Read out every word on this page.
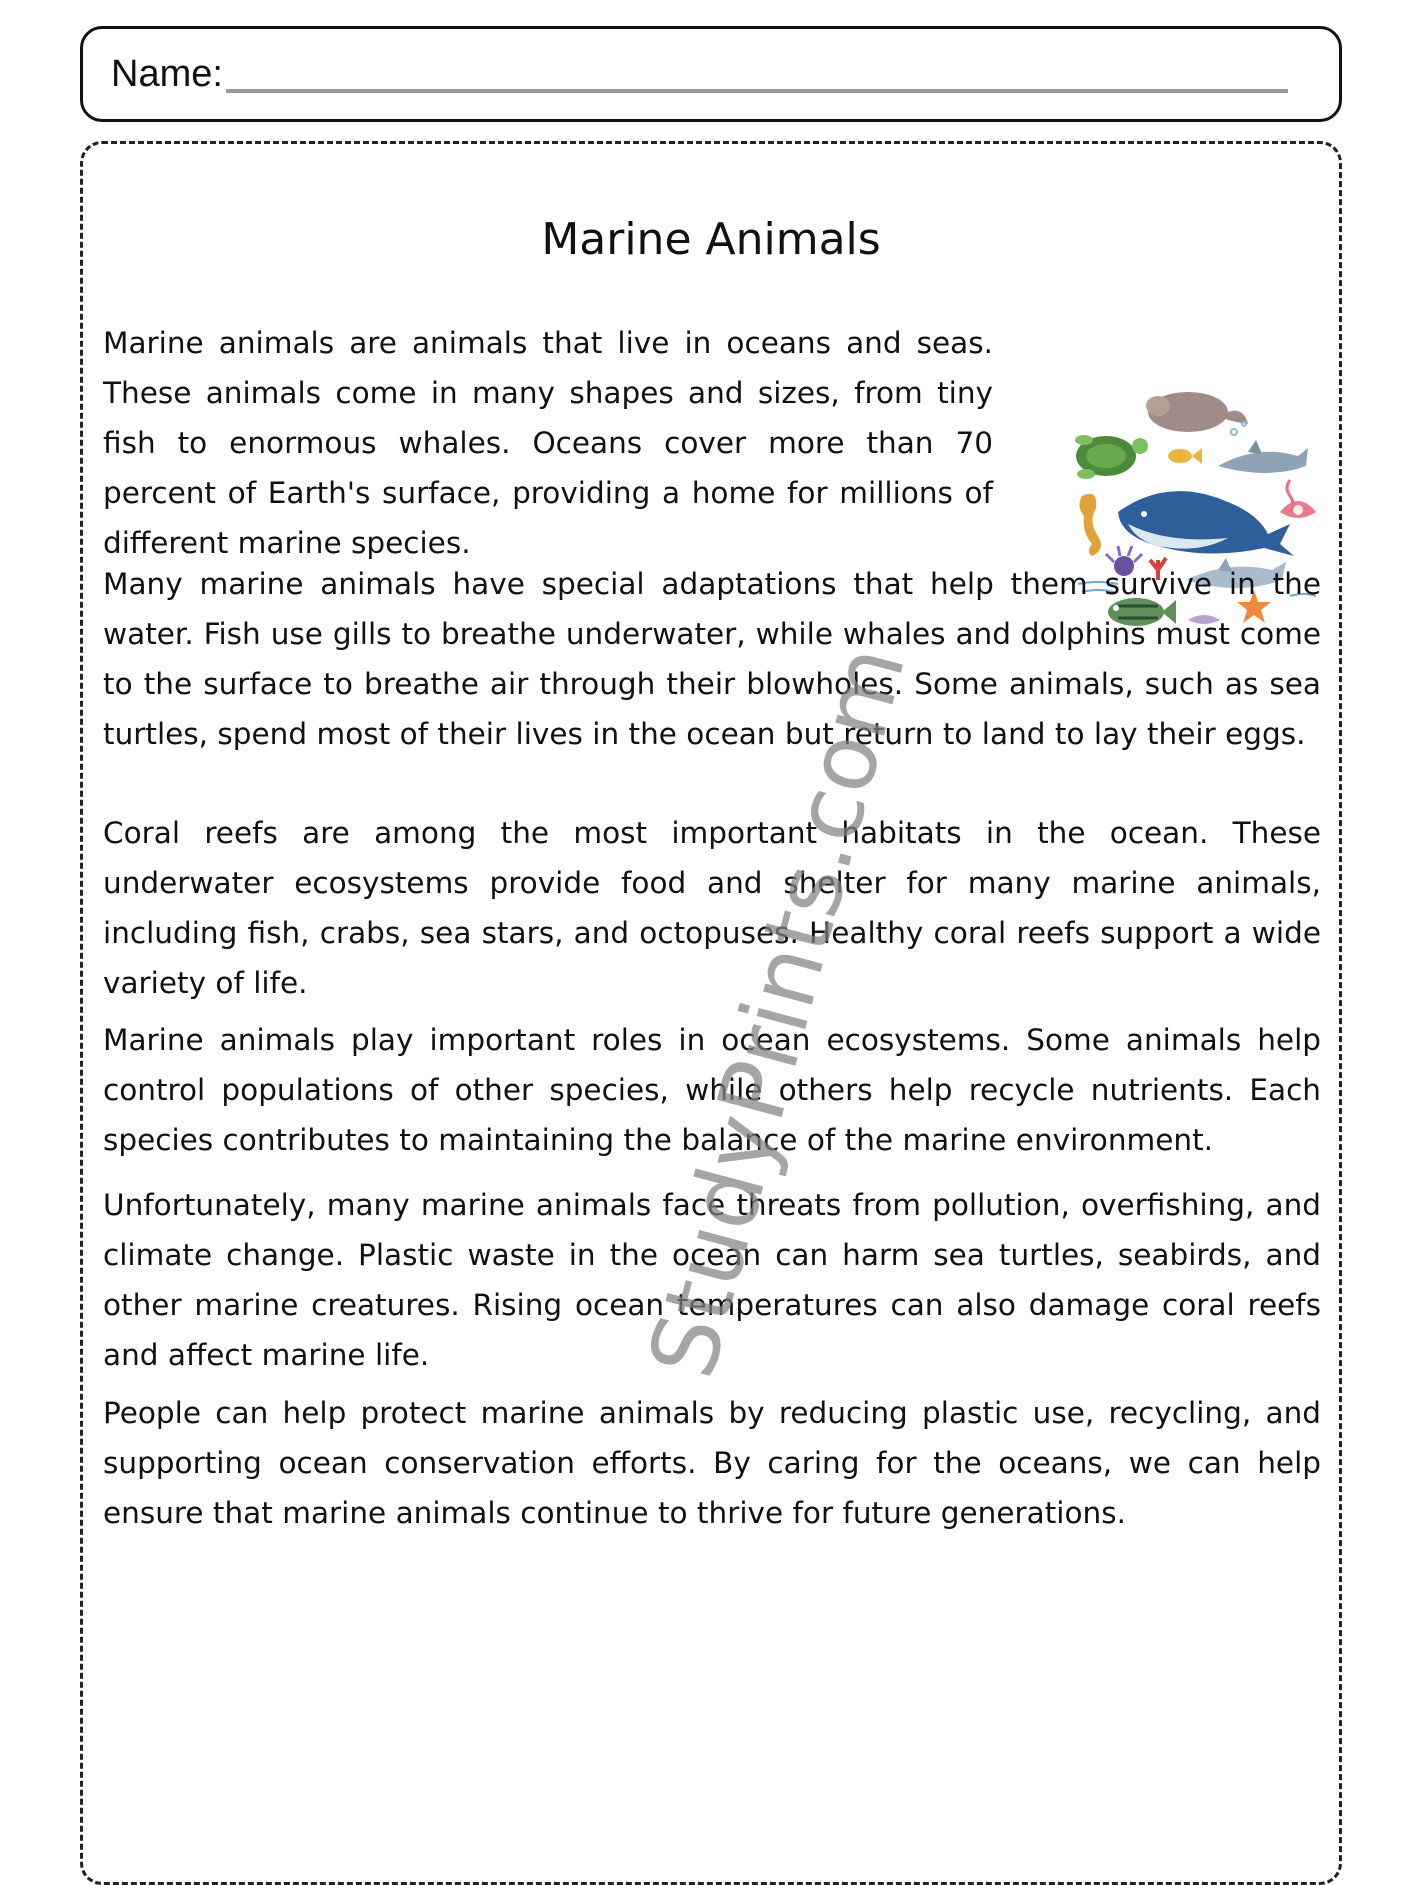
Name:
Marine Animals

Marine animals are animals that live in oceans and seas. These animals come in many shapes and sizes, from tiny fish to enormous whales. Oceans cover more than 70 percent of Earth's surface, providing a home for millions of different marine species.

Many marine animals have special adaptations that help them survive in the water. Fish use gills to breathe underwater, while whales and dolphins must come to the surface to breathe air through their blowholes. Some animals, such as sea turtles, spend most of their lives in the ocean but return to land to lay their eggs.

Coral reefs are among the most important habitats in the ocean. These underwater ecosystems provide food and shelter for many marine animals, including fish, crabs, sea stars, and octopuses. Healthy coral reefs support a wide variety of life.

Marine animals play important roles in ocean ecosystems. Some animals help control populations of other species, while others help recycle nutrients. Each species contributes to maintaining the balance of the marine environment.

Unfortunately, many marine animals face threats from pollution, overfishing, and climate change. Plastic waste in the ocean can harm sea turtles, seabirds, and other marine creatures. Rising ocean temperatures can also damage coral reefs and affect marine life.

People can help protect marine animals by reducing plastic use, recycling, and supporting ocean conservation efforts. By caring for the oceans, we can help ensure that marine animals continue to thrive for future generations.

StudyPrints.com
